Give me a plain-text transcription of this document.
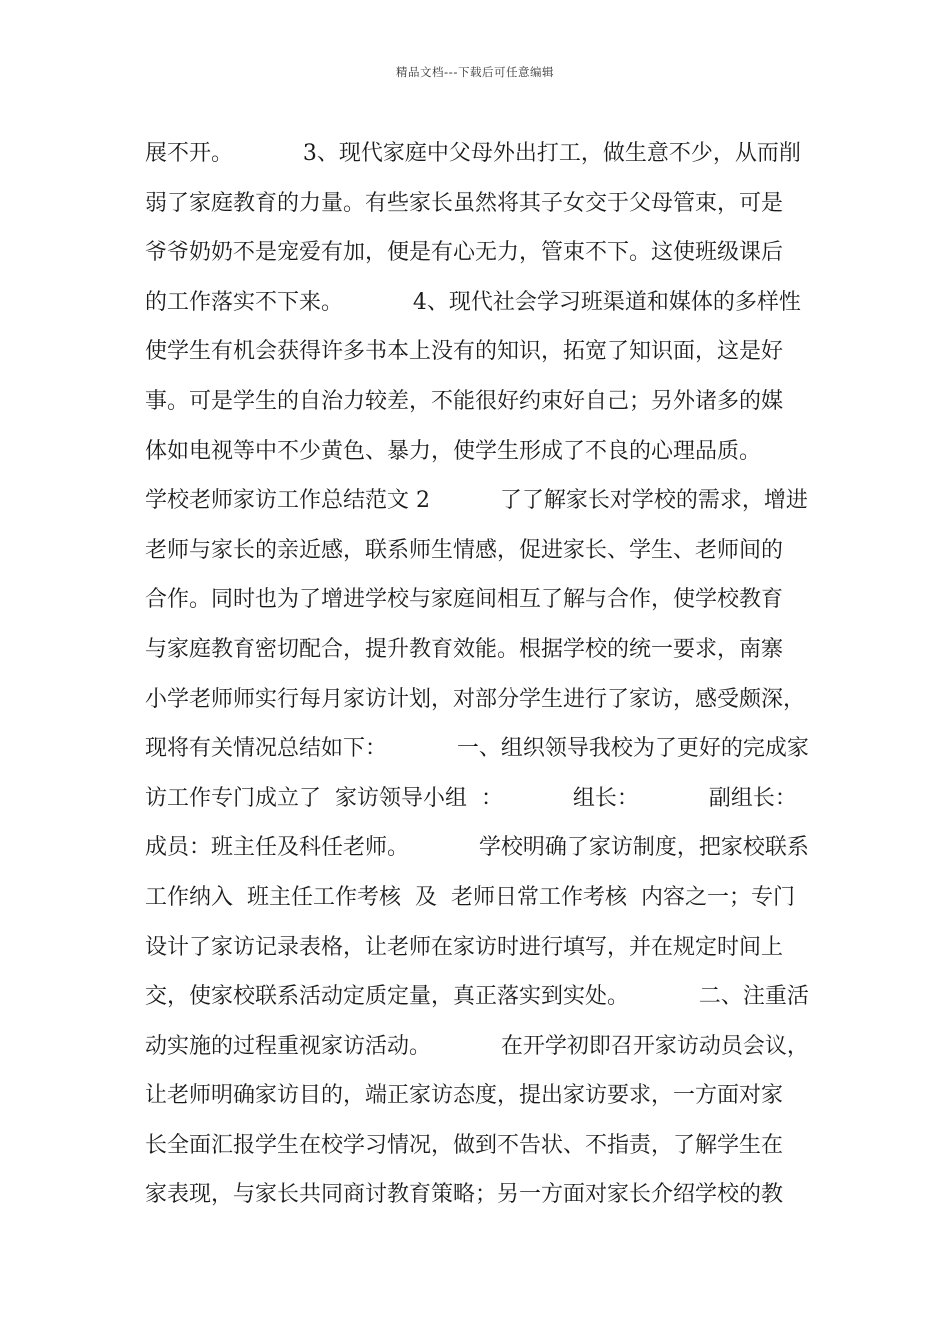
精品文档---下载后可任意编辑
展不开。          3、现代家庭中父母外出打工，做生意不少，从而削
弱了家庭教育的力量。有些家长虽然将其子女交于父母管束，可是
爷爷奶奶不是宠爱有加，便是有心无力，管束不下。这使班级课后
的工作落实不下来。          4、现代社会学习班渠道和媒体的多样性
使学生有机会获得许多书本上没有的知识，拓宽了知识面，这是好
事。可是学生的自治力较差，不能很好约束好自己；另外诸多的媒
体如电视等中不少黄色、暴力，使学生形成了不良的心理品质。
学校老师家访工作总结范文 2          了了解家长对学校的需求，增进
老师与家长的亲近感，联系师生情感，促进家长、学生、老师间的
合作。同时也为了增进学校与家庭间相互了解与合作，使学校教育
与家庭教育密切配合，提升教育效能。根据学校的统一要求，南寨
小学老师师实行每月家访计划，对部分学生进行了家访，感受颇深，
现将有关情况总结如下：          一、组织领导我校为了更好的完成家
访工作专门成立了  家访领导小组  ：          组长：          副组长：
成员：班主任及科任老师。          学校明确了家访制度，把家校联系
工作纳入  班主任工作考核  及  老师日常工作考核  内容之一；专门
设计了家访记录表格，让老师在家访时进行填写，并在规定时间上
交，使家校联系活动定质定量，真正落实到实处。          二、注重活
动实施的过程重视家访活动。          在开学初即召开家访动员会议，
让老师明确家访目的，端正家访态度，提出家访要求，一方面对家
长全面汇报学生在校学习情况，做到不告状、不指责，了解学生在
家表现，与家长共同商讨教育策略；另一方面对家长介绍学校的教
